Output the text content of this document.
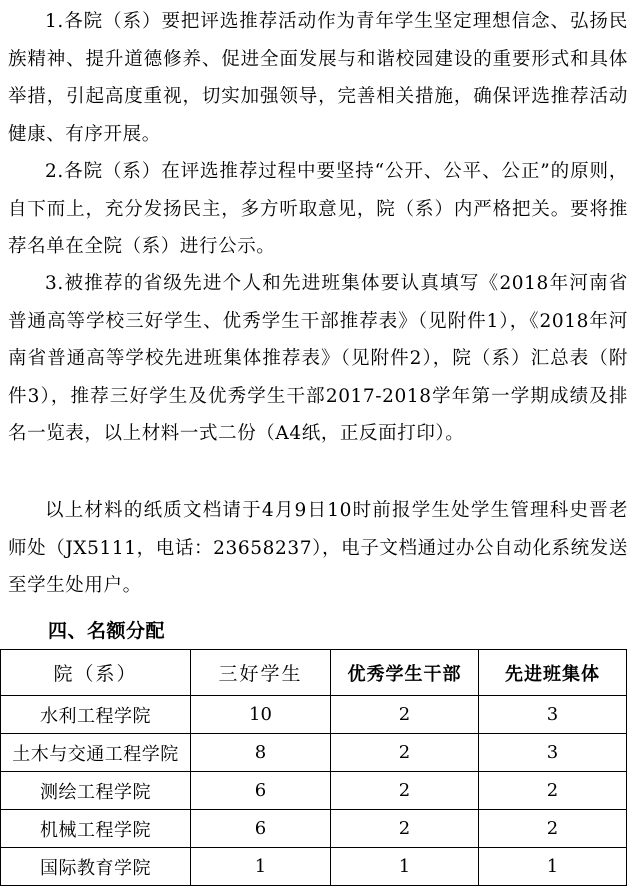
1.各院（系）要把评选推荐活动作为青年学生坚定理想信念、弘扬民族精神、提升道德修养、促进全面发展与和谐校园建设的重要形式和具体举措，引起高度重视，切实加强领导，完善相关措施，确保评选推荐活动健康、有序开展。

2.各院（系）在评选推荐过程中要坚持“公开、公平、公正”的原则，自下而上，充分发扬民主，多方听取意见，院（系）内严格把关。要将推荐名单在全院（系）进行公示。

3.被推荐的省级先进个人和先进班集体要认真填写《2018年河南省普通高等学校三好学生、优秀学生干部推荐表》（见附件1），《2018年河南省普通高等学校先进班集体推荐表》（见附件2），院（系）汇总表（附件3），推荐三好学生及优秀学生干部2017-2018学年第一学期成绩及排名一览表，以上材料一式二份（A4纸，正反面打印）。

以上材料的纸质文档请于4月9日10时前报学生处学生管理科史晋老师处（JX5111，电话：23658237），电子文档通过办公自动化系统发送至学生处用户。

四、名额分配
院（系）	三好学生	优秀学生干部	先进班集体
水利工程学院	10	2	3
土木与交通工程学院	8	2	3
测绘工程学院	6	2	2
机械工程学院	6	2	2
国际教育学院	1	1	1
